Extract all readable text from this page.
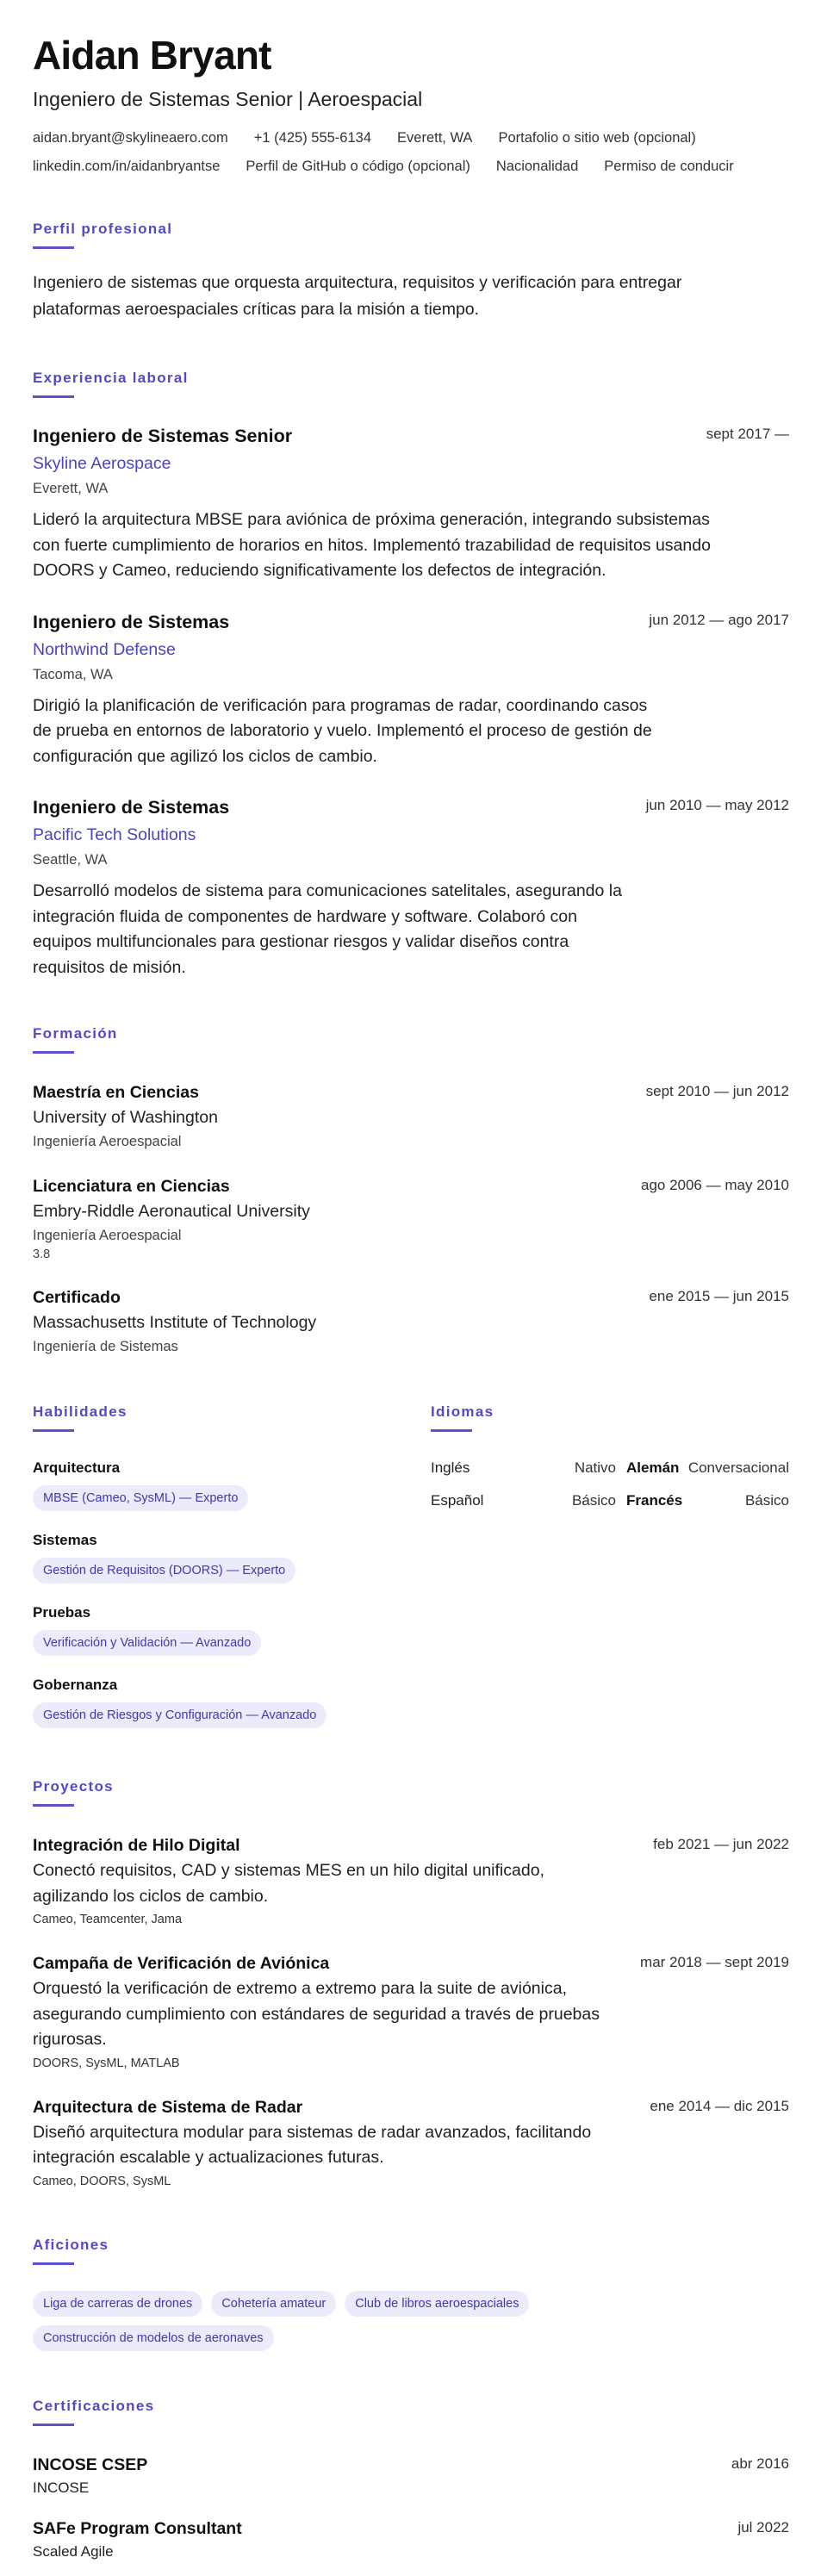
Aidan Bryant
Ingeniero de Sistemas Senior | Aeroespacial
aidan.bryant@skylineaero.com +1 (425) 555-6134 Everett, WA Portafolio o sitio web (opcional)
linkedin.com/in/aidanbryantse Perfil de GitHub o código (opcional) Nacionalidad Permiso de conducir
Perfil profesional
Ingeniero de sistemas que orquesta arquitectura, requisitos y verificación para entregar plataformas aeroespaciales críticas para la misión a tiempo.
Experiencia laboral
Ingeniero de Sistemas Senior	sept 2017 —
Skyline Aerospace
Everett, WA
Lideró la arquitectura MBSE para aviónica de próxima generación, integrando subsistemas con fuerte cumplimiento de horarios en hitos. Implementó trazabilidad de requisitos usando DOORS y Cameo, reduciendo significativamente los defectos de integración.
Ingeniero de Sistemas	jun 2012 — ago 2017
Northwind Defense
Tacoma, WA
Dirigió la planificación de verificación para programas de radar, coordinando casos de prueba en entornos de laboratorio y vuelo. Implementó el proceso de gestión de configuración que agilizó los ciclos de cambio.
Ingeniero de Sistemas	jun 2010 — may 2012
Pacific Tech Solutions
Seattle, WA
Desarrolló modelos de sistema para comunicaciones satelitales, asegurando la integración fluida de componentes de hardware y software. Colaboró con equipos multifuncionales para gestionar riesgos y validar diseños contra requisitos de misión.
Formación
Maestría en Ciencias	sept 2010 — jun 2012
University of Washington
Ingeniería Aeroespacial
Licenciatura en Ciencias	ago 2006 — may 2010
Embry-Riddle Aeronautical University
Ingeniería Aeroespacial
3.8
Certificado	ene 2015 — jun 2015
Massachusetts Institute of Technology
Ingeniería de Sistemas
Habilidades
Arquitectura
MBSE (Cameo, SysML) — Experto
Sistemas
Gestión de Requisitos (DOORS) — Experto
Pruebas
Verificación y Validación — Avanzado
Gobernanza
Gestión de Riesgos y Configuración — Avanzado
Idiomas
Inglés	Nativo Alemán Conversacional
Español	Básico Francés	Básico
Proyectos
Integración de Hilo Digital	feb 2021 — jun 2022
Conectó requisitos, CAD y sistemas MES en un hilo digital unificado, agilizando los ciclos de cambio.
Cameo, Teamcenter, Jama
Campaña de Verificación de Aviónica	mar 2018 — sept 2019
Orquestó la verificación de extremo a extremo para la suite de aviónica, asegurando cumplimiento con estándares de seguridad a través de pruebas rigurosas.
DOORS, SysML, MATLAB
Arquitectura de Sistema de Radar	ene 2014 — dic 2015
Diseñó arquitectura modular para sistemas de radar avanzados, facilitando integración escalable y actualizaciones futuras.
Cameo, DOORS, SysML
Aficiones
Liga de carreras de drones	Cohetería amateur	Club de libros aeroespaciales
Construcción de modelos de aeronaves
Certificaciones
INCOSE CSEP	abr 2016
INCOSE
SAFe Program Consultant	jul 2022
Scaled Agile
